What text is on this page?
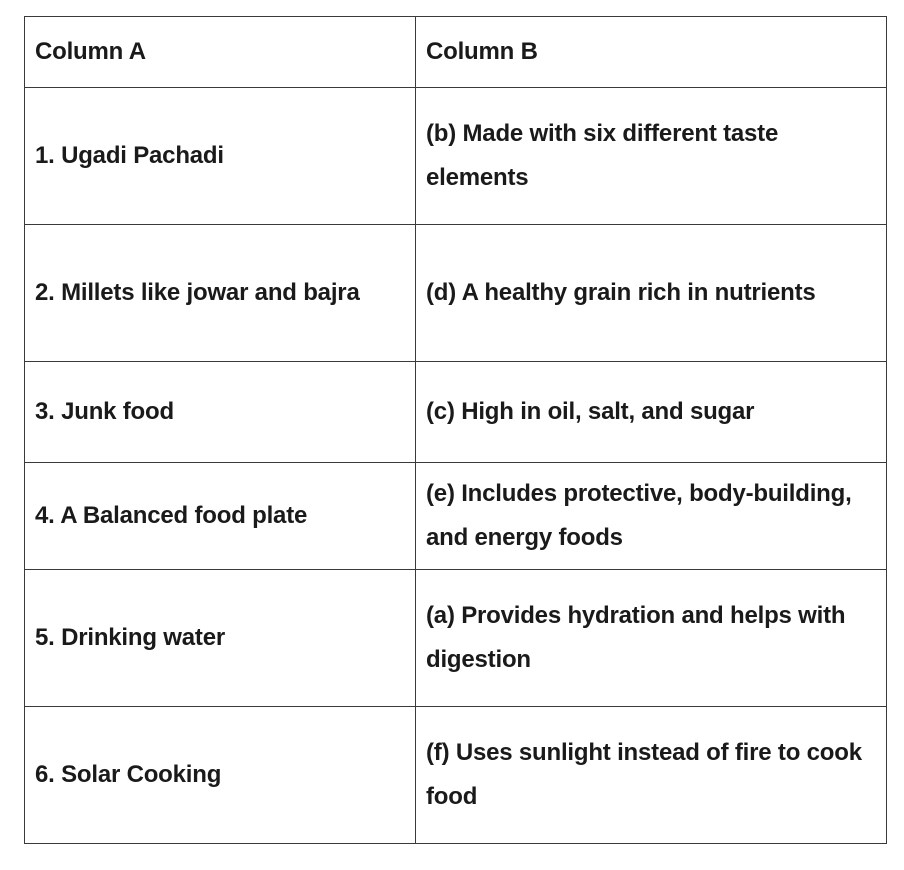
Column A	Column B
1. Ugadi Pachadi	(b) Made with six different taste elements
2. Millets like jowar and bajra	(d) A healthy grain rich in nutrients
3. Junk food	(c) High in oil, salt, and sugar
4. A Balanced food plate	(e) Includes protective, body-building, and energy foods
5. Drinking water	(a) Provides hydration and helps with digestion
6. Solar Cooking	(f) Uses sunlight instead of fire to cook food
